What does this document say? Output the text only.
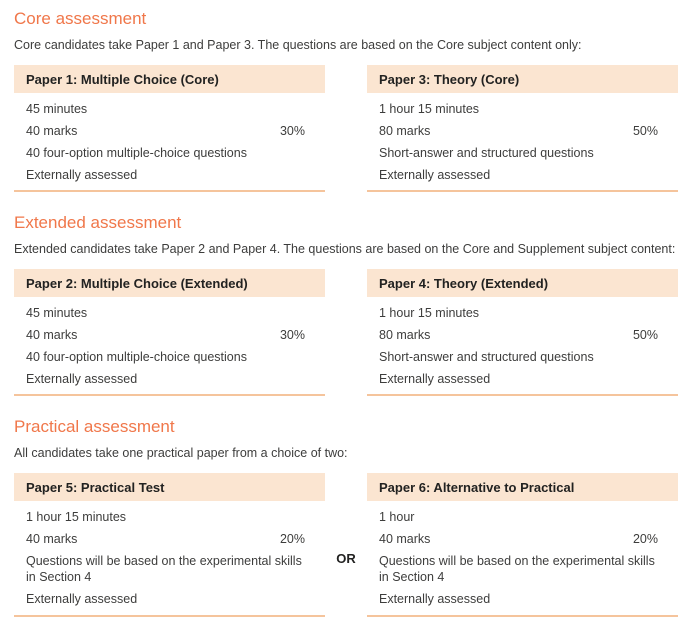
Core assessment

Core candidates take Paper 1 and Paper 3. The questions are based on the Core subject content only:

Paper 1: Multiple Choice (Core)
45 minutes
40 marks	30%
40 four-option multiple-choice questions
Externally assessed
Paper 3: Theory (Core)
1 hour 15 minutes
80 marks	50%
Short-answer and structured questions
Externally assessed
Extended assessment

Extended candidates take Paper 2 and Paper 4. The questions are based on the Core and Supplement subject content:

Paper 2: Multiple Choice (Extended)
45 minutes
40 marks	30%
40 four-option multiple-choice questions
Externally assessed
Paper 4: Theory (Extended)
1 hour 15 minutes
80 marks	50%
Short-answer and structured questions
Externally assessed
Practical assessment

All candidates take one practical paper from a choice of two:

Paper 5: Practical Test
1 hour 15 minutes
40 marks	20%
Questions will be based on the experimental skills in Section 4
Externally assessed
OR
Paper 6: Alternative to Practical
1 hour
40 marks	20%
Questions will be based on the experimental skills in Section 4
Externally assessed
